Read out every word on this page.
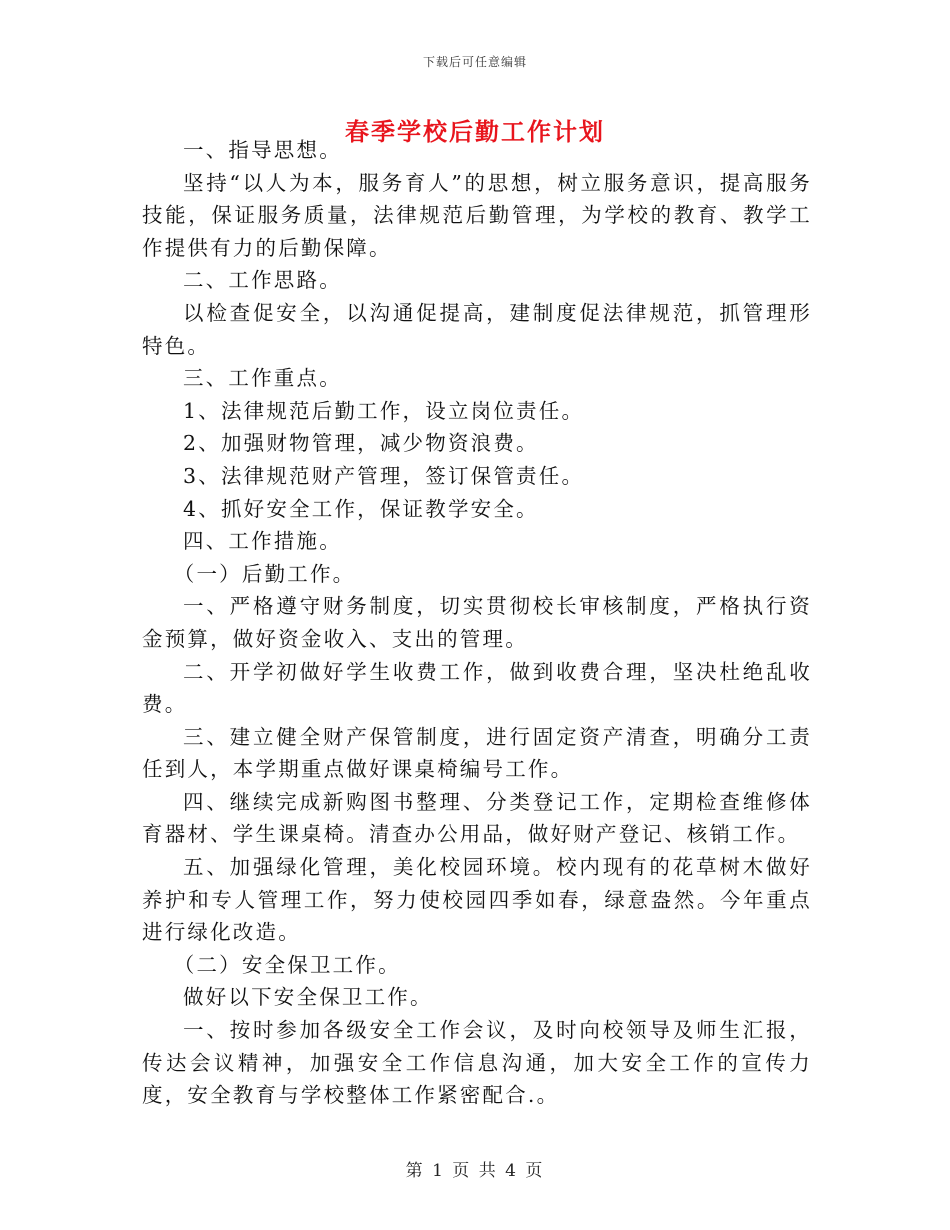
下载后可任意编辑
春季学校后勤工作计划

一、指导思想。

坚持“以人为本，服务育人”的思想，树立服务意识，提高服务技能，保证服务质量，法律规范后勤管理，为学校的教育、教学工作提供有力的后勤保障。

二、工作思路。

以检查促安全，以沟通促提高，建制度促法律规范，抓管理形特色。

三、工作重点。

1、法律规范后勤工作，设立岗位责任。

2、加强财物管理，减少物资浪费。

3、法律规范财产管理，签订保管责任。

4、抓好安全工作，保证教学安全。

四、工作措施。

（一）后勤工作。

一、严格遵守财务制度，切实贯彻校长审核制度，严格执行资金预算，做好资金收入、支出的管理。

二、开学初做好学生收费工作，做到收费合理，坚决杜绝乱收费。

三、建立健全财产保管制度，进行固定资产清查，明确分工责任到人，本学期重点做好课桌椅编号工作。

四、继续完成新购图书整理、分类登记工作，定期检查维修体育器材、学生课桌椅。清查办公用品，做好财产登记、核销工作。

五、加强绿化管理，美化校园环境。校内现有的花草树木做好养护和专人管理工作，努力使校园四季如春，绿意盎然。今年重点进行绿化改造。

（二）安全保卫工作。

做好以下安全保卫工作。

一、按时参加各级安全工作会议，及时向校领导及师生汇报，传达会议精神，加强安全工作信息沟通，加大安全工作的宣传力度，安全教育与学校整体工作紧密配合.。

第 1 页 共 4 页
